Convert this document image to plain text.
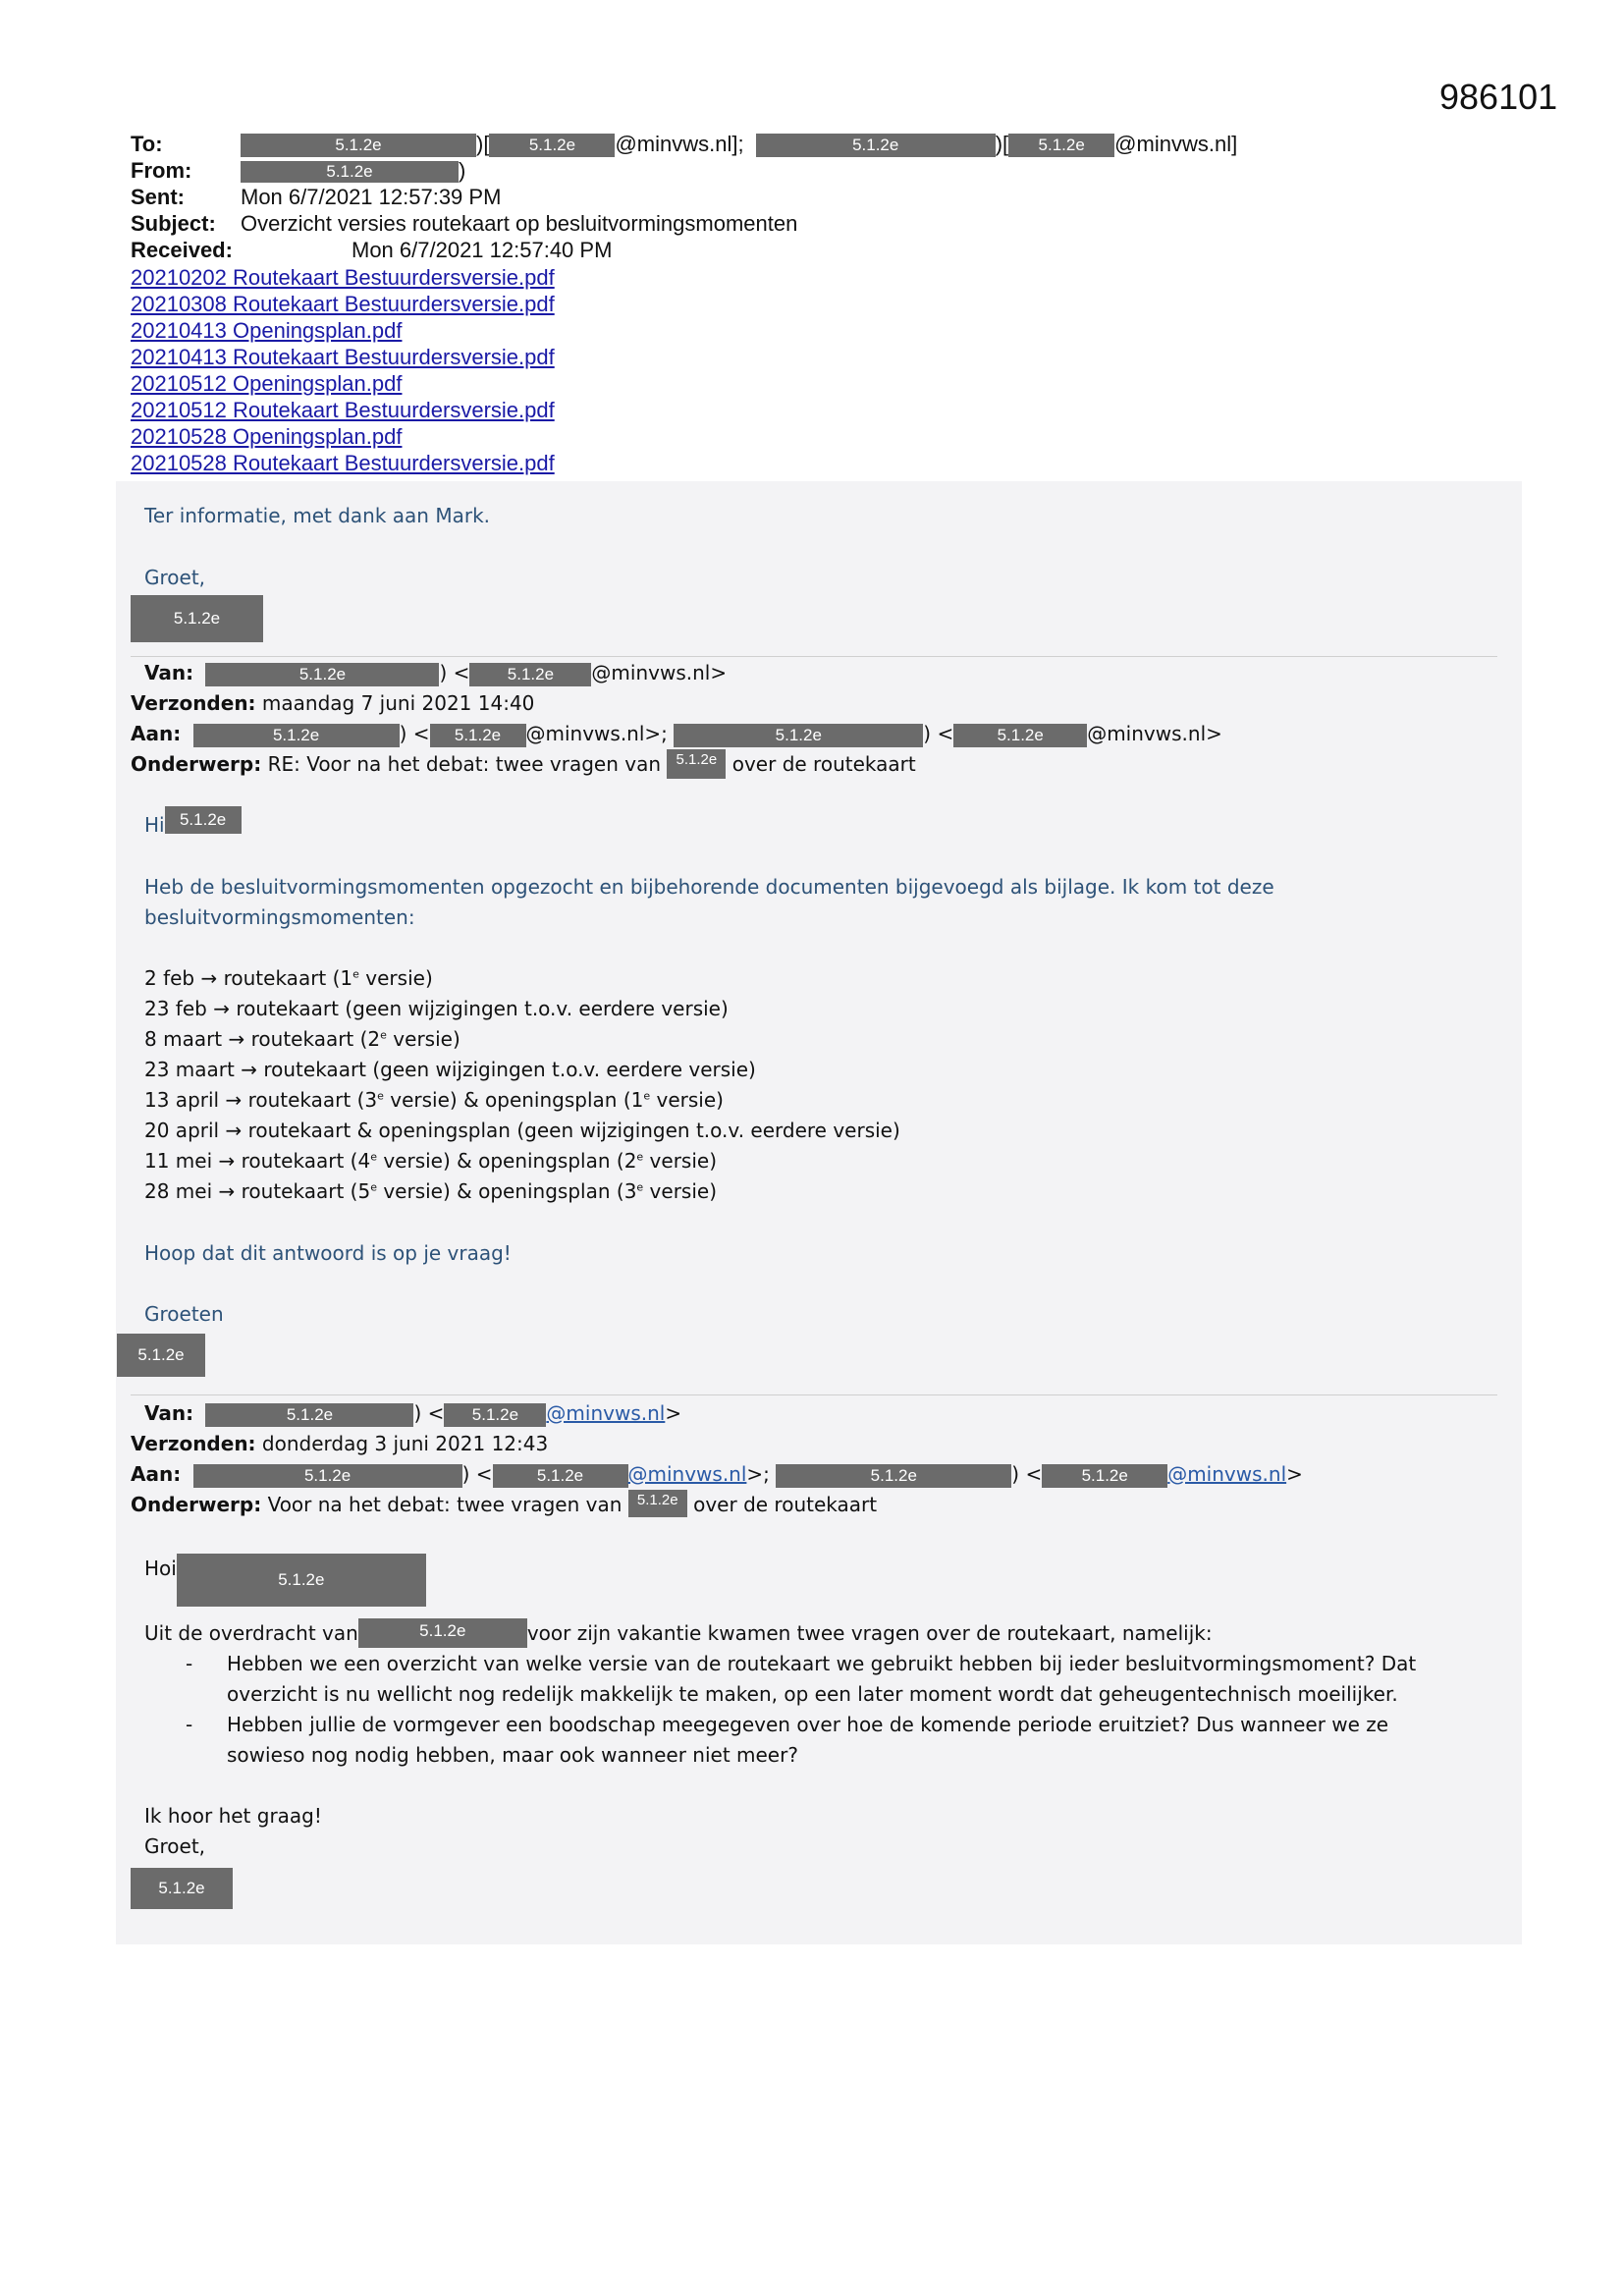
986101
To:	5.1.2e	)[ 5.1.2e @minvws.nl];	5.1.2e	)[ 5.1.2e @minvws.nl]
From:	5.1.2e	)
Sent:	Mon 6/7/2021 12:57:39 PM
Subject: Overzicht versies routekaart op besluitvormingsmomenten
Received:	Mon 6/7/2021 12:57:40 PM
20210202 Routekaart Bestuurdersversie.pdf
20210308 Routekaart Bestuurdersversie.pdf
20210413 Openingsplan.pdf
20210413 Routekaart Bestuurdersversie.pdf
20210512 Openingsplan.pdf
20210512 Routekaart Bestuurdersversie.pdf
20210528 Openingsplan.pdf
20210528 Routekaart Bestuurdersversie.pdf
Ter informatie, met dank aan Mark.
Groet,
5.1.2e
Van:	5.1.2e	) < 5.1.2e @minvws.nl>
Verzonden: maandag 7 juni 2021 14:40
Aan:	5.1.2e	) < 5.1.2e @minvws.nl>;	5.1.2e	) <	5.1.2e @minvws.nl>
Onderwerp: RE: Voor na het debat: twee vragen van 5.1.2e over de routekaart
Hi 5.1.2e
Heb de besluitvormingsmomenten opgezocht en bijbehorende documenten bijgevoegd als bijlage. Ik kom tot deze besluitvormingsmomenten:
2 feb → routekaart (1e versie)
23 feb → routekaart (geen wijzigingen t.o.v. eerdere versie)
8 maart → routekaart (2e versie)
23 maart → routekaart (geen wijzigingen t.o.v. eerdere versie)
13 april → routekaart (3e versie) & openingsplan (1e versie)
20 april → routekaart & openingsplan (geen wijzigingen t.o.v. eerdere versie)
11 mei → routekaart (4e versie) & openingsplan (2e versie)
28 mei → routekaart (5e versie) & openingsplan (3e versie)
Hoop dat dit antwoord is op je vraag!
Groeten
5.1.2e
Van:	5.1.2e	) < 5.1.2e @minvws.nl>
Verzonden: donderdag 3 juni 2021 12:43
Aan:	5.1.2e	) <	5.1.2e @minvws.nl>;	5.1.2e	) < 5.1.2e @minvws.nl>
Onderwerp: Voor na het debat: twee vragen van 5.1.2e over de routekaart
Hoi	5.1.2e
Uit de overdracht van	5.1.2e	voor zijn vakantie kwamen twee vragen over de routekaart, namelijk:
- Hebben we een overzicht van welke versie van de routekaart we gebruikt hebben bij ieder besluitvormingsmoment? Dat overzicht is nu wellicht nog redelijk makkelijk te maken, op een later moment wordt dat geheugentechnisch moeilijker.
- Hebben jullie de vormgever een boodschap meegegeven over hoe de komende periode eruitziet? Dus wanneer we ze sowieso nog nodig hebben, maar ook wanneer niet meer?
Ik hoor het graag!
Groet,
5.1.2e
